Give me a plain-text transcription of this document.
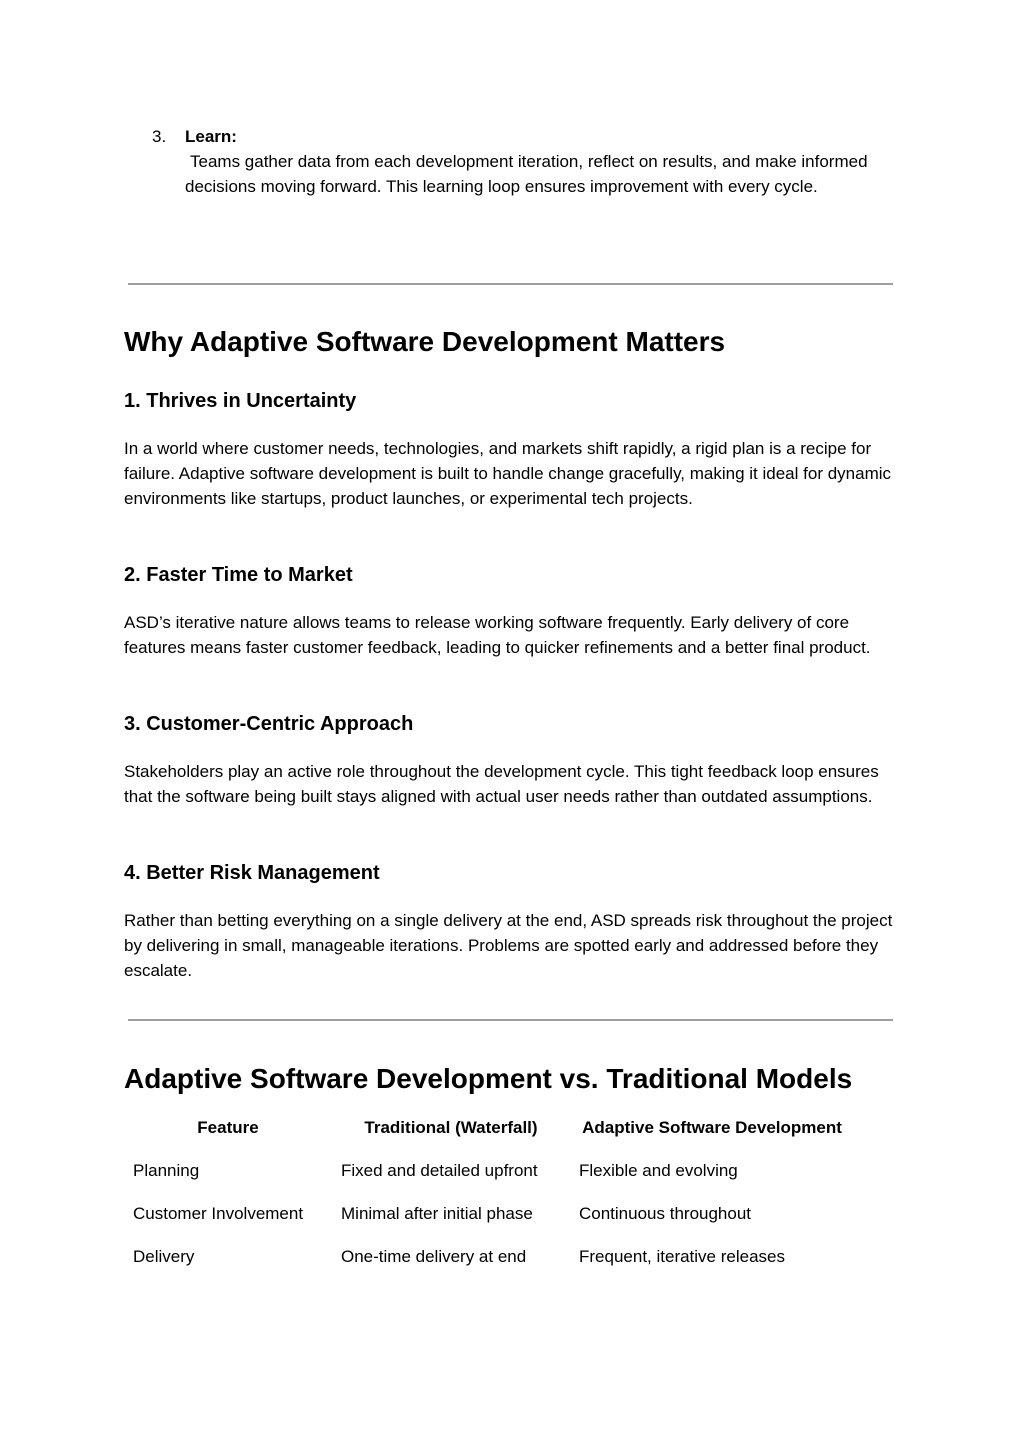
3. Learn:
Teams gather data from each development iteration, reflect on results, and make informed decisions moving forward. This learning loop ensures improvement with every cycle.
Why Adaptive Software Development Matters
1. Thrives in Uncertainty

In a world where customer needs, technologies, and markets shift rapidly, a rigid plan is a recipe for failure. Adaptive software development is built to handle change gracefully, making it ideal for dynamic environments like startups, product launches, or experimental tech projects.

2. Faster Time to Market

ASD’s iterative nature allows teams to release working software frequently. Early delivery of core features means faster customer feedback, leading to quicker refinements and a better final product.

3. Customer-Centric Approach

Stakeholders play an active role throughout the development cycle. This tight feedback loop ensures that the software being built stays aligned with actual user needs rather than outdated assumptions.

4. Better Risk Management

Rather than betting everything on a single delivery at the end, ASD spreads risk throughout the project by delivering in small, manageable iterations. Problems are spotted early and addressed before they escalate.

Adaptive Software Development vs. Traditional Models
Feature	Traditional (Waterfall)	Adaptive Software Development
Planning	Fixed and detailed upfront	Flexible and evolving
Customer Involvement	Minimal after initial phase	Continuous throughout
Delivery	One-time delivery at end	Frequent, iterative releases
